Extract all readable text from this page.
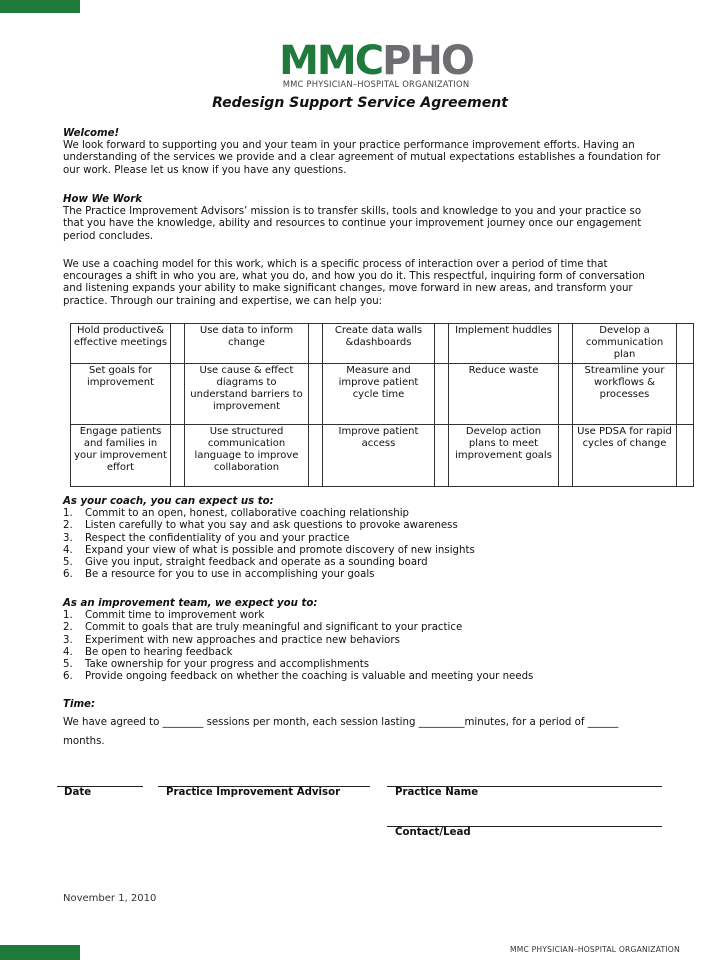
MMCPHO
MMC PHYSICIAN–HOSPITAL ORGANIZATION
Redesign Support Service Agreement

Welcome!

We look forward to supporting you and your team in your practice performance improvement efforts. Having an understanding of the services we provide and a clear agreement of mutual expectations establishes a foundation for our work. Please let us know if you have any questions.

How We Work

The Practice Improvement Advisors’ mission is to transfer skills, tools and knowledge to you and your practice so that you have the knowledge, ability and resources to continue your improvement journey once our engagement period concludes.

We use a coaching model for this work, which is a specific process of interaction over a period of time that encourages a shift in who you are, what you do, and how you do it. This respectful, inquiring form of conversation and listening expands your ability to make significant changes, move forward in new areas, and transform your practice. Through our training and expertise, we can help you:

Hold productive& effective meetings		Use data to inform change		Create data walls &dashboards		Implement huddles		Develop a communication plan	
Set goals for improvement		Use cause & effect diagrams to understand barriers to improvement		Measure and improve patient cycle time		Reduce waste		Streamline your workflows & processes	
Engage patients and families in your improvement effort		Use structured communication language to improve collaboration		Improve patient access		Develop action plans to meet improvement goals		Use PDSA for rapid cycles of change	

As your coach, you can expect us to:

1.	Commit to an open, honest, collaborative coaching relationship
2.	Listen carefully to what you say and ask questions to provoke awareness
3.	Respect the confidentiality of you and your practice
4.	Expand your view of what is possible and promote discovery of new insights
5.	Give you input, straight feedback and operate as a sounding board
6.	Be a resource for you to use in accomplishing your goals

As an improvement team, we expect you to:

1.	Commit time to improvement work
2.	Commit to goals that are truly meaningful and significant to your practice
3.	Experiment with new approaches and practice new behaviors
4.	Be open to hearing feedback
5.	Take ownership for your progress and accomplishments
6.	Provide ongoing feedback on whether the coaching is valuable and meeting your needs

Time:

We have agreed to ________ sessions per month, each session lasting _________minutes, for a period of ______

months.

Date	Practice Improvement Advisor	Practice Name
Contact/Lead
November 1, 2010
MMC PHYSICIAN–HOSPITAL ORGANIZATION
